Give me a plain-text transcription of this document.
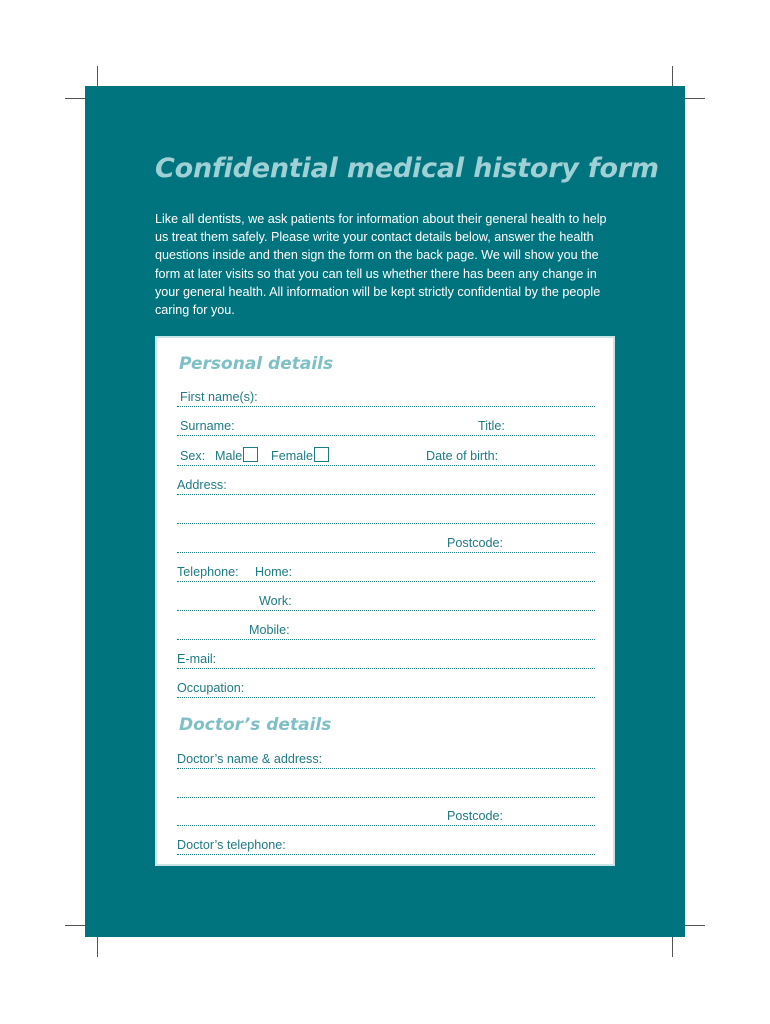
Confidential medical history form

Like all dentists, we ask patients for information about their general health to help us treat them safely. Please write your contact details below, answer the health questions inside and then sign the form on the back page. We will show you the form at later visits so that you can tell us whether there has been any change in your general health. All information will be kept strictly confidential by the people caring for you.

Personal details
First name(s):
Surname:	Title:
Sex: Male	Female	Date of birth:
Address:
Postcode:
Telephone: Home:
Work:
Mobile:
E-mail:
Occupation:
Doctor’s details
Doctor’s name & address:
Postcode:
Doctor’s telephone:
